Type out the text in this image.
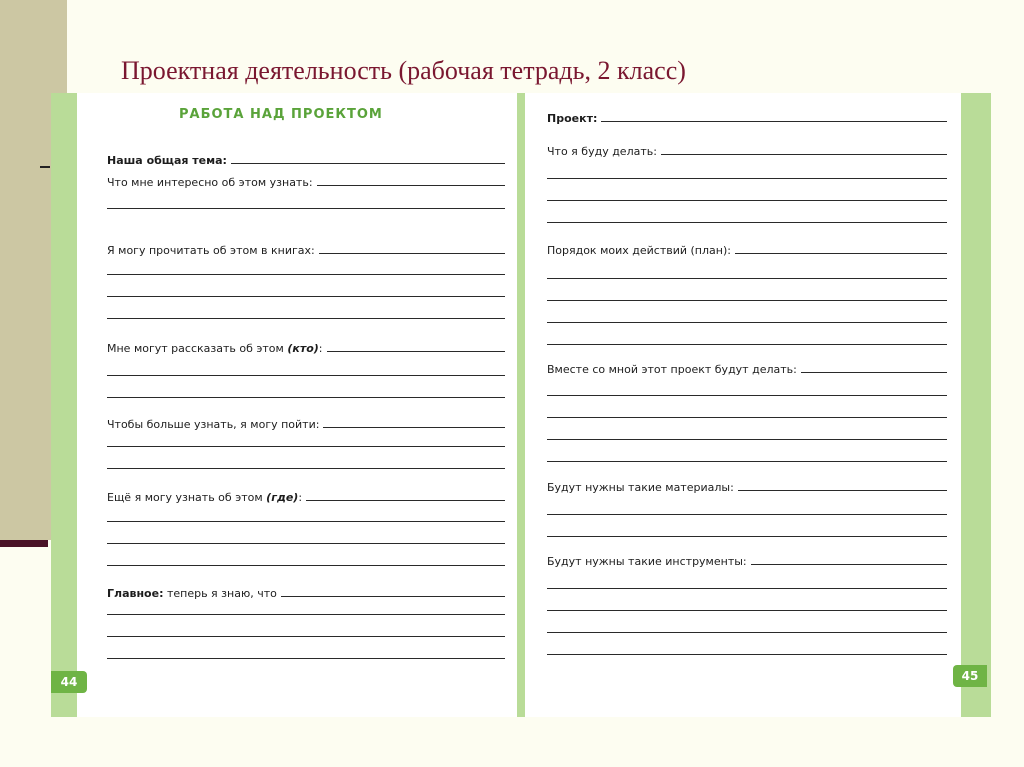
Проектная деятельность (рабочая тетрадь, 2 класс)
РАБОТА НАД ПРОЕКТОМ
Наша общая тема:
Что мне интересно об этом узнать:
Я могу прочитать об этом в книгах:
Мне могут рассказать об этом (кто):
Чтобы больше узнать, я могу пойти:
Ещё я могу узнать об этом (где):
Главное: теперь я знаю, что
44
Проект:
Что я буду делать:
Порядок моих действий (план):
Вместе со мной этот проект будут делать:
Будут нужны такие материалы:
Будут нужны такие инструменты:
45
